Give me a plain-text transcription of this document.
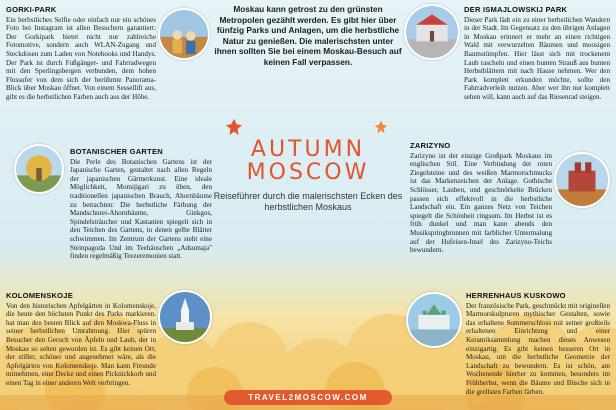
Moskau kann getrost zu den grünsten Metropolen gezählt werden. Es gibt hier über fünfzig Parks und Anlagen, um die herbstliche Natur zu genießen. Die malerischsten unter ihnen sollten Sie bei einem Moskau-Besuch auf keinen Fall verpassen.
AUTUMN
MOSCOW
Reiseführer durch die malerischsten Ecken des herbstlichen Moskaus
GORKI-PARK

Ein herbstliches Selfie oder einfach nur ein schönes Foto bei Instagram ist allen Besuchern garantiert: Der Gorkipark bietet nicht nur zahlreiche Fotomotive, sondern auch WLAN-Zugang und Steckdosen zum Laden von Notebooks und Handys. Der Park ist durch Fußgänger- und Fahrradwegen mit den Sperlingsbergen verbunden, dem hohen Flussufer von dem sich der berühmte Panorama-Blick über Moskau öffnet. Von einem Sessellift aus, gibt es die herbstlichen Farben auch aus der Höhe.

BOTANISCHER GARTEN

Die Perle des Botanischen Gartens ist der Japanische Garten, gestaltet nach allen Regeln der japanischen Gärtnerkunst. Eine ideale Möglichkeit, Momijigari zu üben, den traditionellen japanischen Brauch, Ahornbäume zu betrachten: Die herbstliche Färbung der Mandschurei-Ahornbäume, Ginkgos, Spindelsträucher und Kastanien spiegelt sich in den Teichen des Gartens, in denen gelbe Blätter schwimmen. Im Zentrum der Gartens steht eine Steinpagoda Und im Teehäuschen „Adsumaja" finden regelmäßig Teezeremonien statt.

KOLOMENSKOJE

Von den historischen Apfelgärten in Kolomenskoje, die heute den höchsten Punkt des Parks markieren. hat man den besten Blick auf den Moskwa-Fluss in seiner herbstlichen Umrahmung. Hier spüren Besucher den Geruch von Äpfeln und Laub, der in Moskau so selten geworden ist. Es gibt keinen Ort, der stiller, schöner und angenehmer wäre, als die Apfelgärten von Kolomenskoje. Man kann Freunde mitnehmen, eine Decke und einen Picknickkorb und einen Tag in einer anderen Welt verbringen.

DER ISMAJLOWSKIJ PARK

Dieser Park lädt ein zu einer herbstlichen Wandern in der Stadt. Im Gegensatz zu den übrigen Anlagen in Moskau erinnert er mehr an einen richtigen Wald mit verwurzelten Bäumen und moosigen Baumstümpfen. Hier lässt sich mit trockenem Laub rascheln und einen bunten Strauß aus bunten Herbstblättern mit nach Hause nehmen. Wer den Park komplett erkunden möchte, sollte den Fahrradverleih nutzen. Aber wer ihn nur komplett sehen will, kann auch auf das Riesenrad steigen.

ZARIZYNO

Zarizyno ist der einzige Großpark Moskaus im englischen Stil. Eine Verbindung der roten Ziegelsteine und des weißen Marmorschmucks ist das Markenzeichen der Anlage. Gothische Schlösser, Lauben, und geschnörkelte Brücken passen sich effektvoll in die herbstliche Landschaft ein. Ein ganzes Netz von Teichen spiegelt die Schönheit ringsum. Im Herbst ist es früh dunkel und man kann abends den Musikspringbrunnen mit farblicher Untermalung auf der Hufeisen-Insel des Zarizyno-Teichs bewundern.

HERRENHAUS KUSKOWO

Der französische Park, geschmückt mit originellen Marmorskulpturen mythischer Gestalten, sowie das erhaltene Sommerschloss mit seiner großteils erhaltenen Einrichtung und einer Keramiksammlung machen dieses Anwesen einzigartig. Es gibt keinen besseren Ort in Moskau, um die herbstliche Geometrie der Landschaft zu bewundern. Es ist schön, am Wochenende hierher zu kommen, besonders im Frühherbst, wenn die Bäume und Büsche sich in die grellsten Farben färben.

TRAVEL2MOSCOW.COM
